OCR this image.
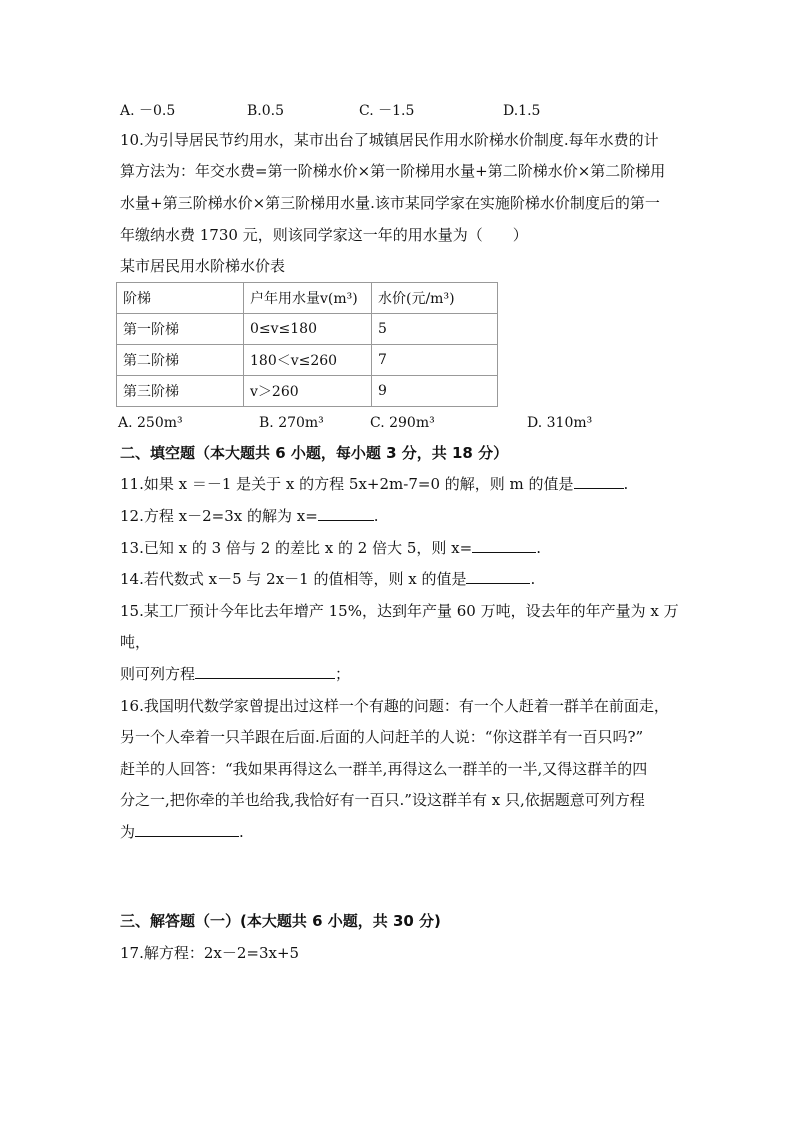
A. －0.5	B.0.5	C. －1.5	D.1.5
10.为引导居民节约用水，某市出台了城镇居民作用水阶梯水价制度.每年水费的计
算方法为：年交水费=第一阶梯水价×第一阶梯用水量+第二阶梯水价×第二阶梯用
水量+第三阶梯水价×第三阶梯用水量.该市某同学家在实施阶梯水价制度后的第一
年缴纳水费 1730 元，则该同学家这一年的用水量为（　　）
某市居民用水阶梯水价表
阶梯	户年用水量v(m³)	水价(元/m³)
第一阶梯	0≤v≤180	5
第二阶梯	180＜v≤260	7
第三阶梯	v＞260	9
A. 250m³	B. 270m³	C. 290m³	D. 310m³
二、填空题（本大题共 6 小题，每小题 3 分，共 18 分）
11.如果 x ＝－1 是关于 x 的方程 5x+2m-7=0 的解，则 m 的值是	.
12.方程 x－2=3x 的解为 x=	.
13.已知 x 的 3 倍与 2 的差比 x 的 2 倍大 5，则 x=	.
14.若代数式 x－5 与 2x－1 的值相等，则 x 的值是	.
15.某工厂预计今年比去年增产 15%，达到年产量 60 万吨，设去年的年产量为 x 万
吨，
则可列方程	；
16.我国明代数学家曾提出过这样一个有趣的问题：有一个人赶着一群羊在前面走，
另一个人牵着一只羊跟在后面.后面的人问赶羊的人说：“你这群羊有一百只吗?”
赶羊的人回答：“我如果再得这么一群羊,再得这么一群羊的一半,又得这群羊的四
分之一,把你牵的羊也给我,我恰好有一百只.”设这群羊有 x 只,依据题意可列方程
为	.
三、解答题（一）(本大题共 6 小题，共 30 分)
17.解方程：2x－2=3x+5
